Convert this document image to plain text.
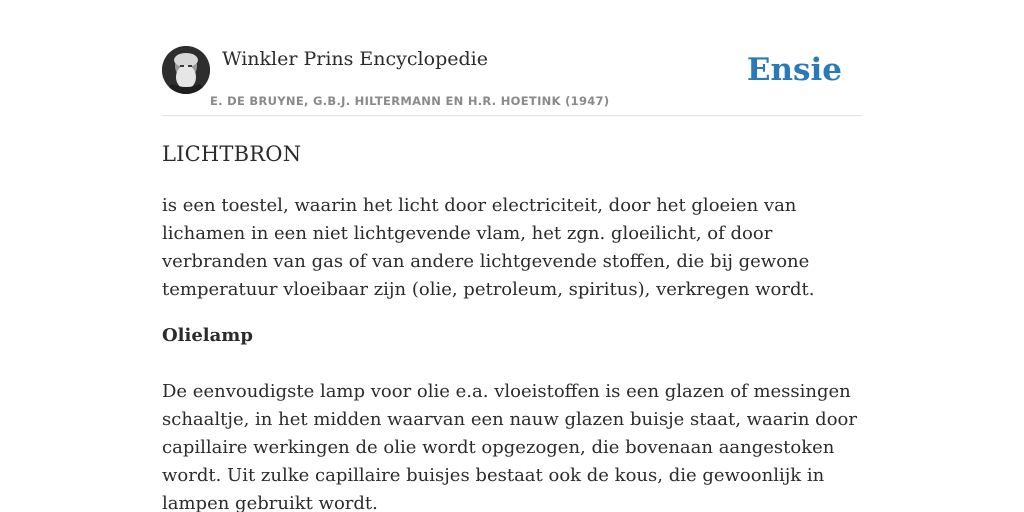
Winkler Prins Encyclopedie
E. DE BRUYNE, G.B.J. HILTERMANN EN H.R. HOETINK (1947)
Ensie
LICHTBRON

is een toestel, waarin het licht door electriciteit, door het gloeien van lichamen in een niet lichtgevende vlam, het zgn. gloeilicht, of door verbranden van gas of van andere lichtgevende stoffen, die bij gewone temperatuur vloeibaar zijn (olie, petroleum, spiritus), verkregen wordt.

Olielamp

De eenvoudigste lamp voor olie e.a. vloeistoffen is een glazen of messingen schaaltje, in het midden waarvan een nauw glazen buisje staat, waarin door capillaire werkingen de olie wordt opgezogen, die bovenaan aangestoken wordt. Uit zulke capillaire buisjes bestaat ook de kous, die gewoonlijk in lampen gebruikt wordt.
